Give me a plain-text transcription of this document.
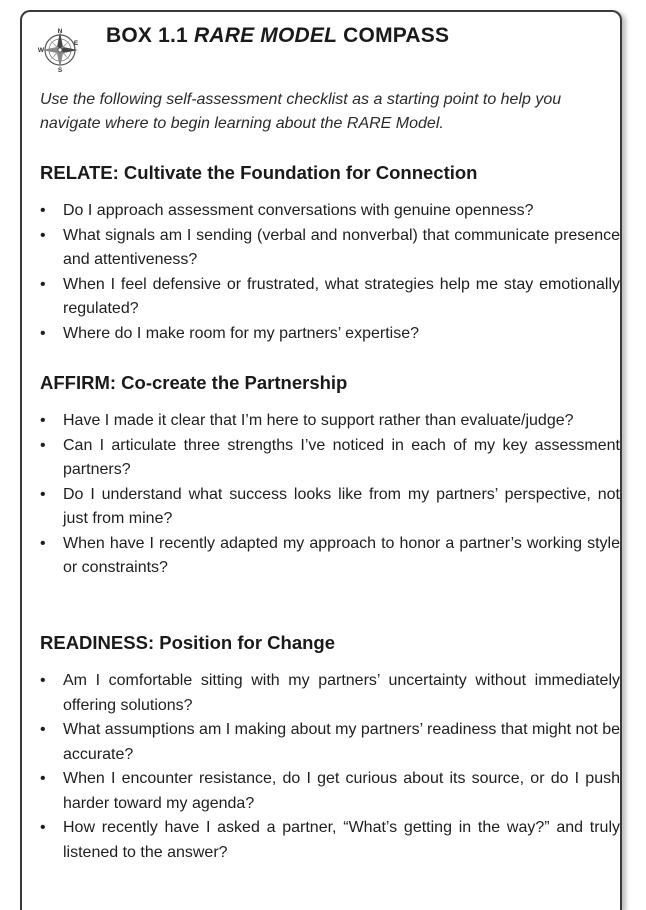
N
E
S
W
BOX 1.1 RARE MODEL COMPASS
Use the following self-assessment checklist as a starting point to help you navigate where to begin learning about the RARE Model.
RELATE: Cultivate the Foundation for Connection
• Do I approach assessment conversations with genuine openness?
• What signals am I sending (verbal and nonverbal) that communicate presence and attentiveness?
• When I feel defensive or frustrated, what strategies help me stay emotionally regulated?
• Where do I make room for my partners’ expertise?
AFFIRM: Co-create the Partnership
• Have I made it clear that I’m here to support rather than evaluate/judge?
• Can I articulate three strengths I’ve noticed in each of my key assessment partners?
• Do I understand what success looks like from my partners’ perspective, not just from mine?
• When have I recently adapted my approach to honor a partner’s working style or constraints?
READINESS: Position for Change
• Am I comfortable sitting with my partners’ uncertainty without immediately offering solutions?
• What assumptions am I making about my partners’ readiness that might not be accurate?
• When I encounter resistance, do I get curious about its source, or do I push harder toward my agenda?
• How recently have I asked a partner, “What’s getting in the way?” and truly listened to the answer?
